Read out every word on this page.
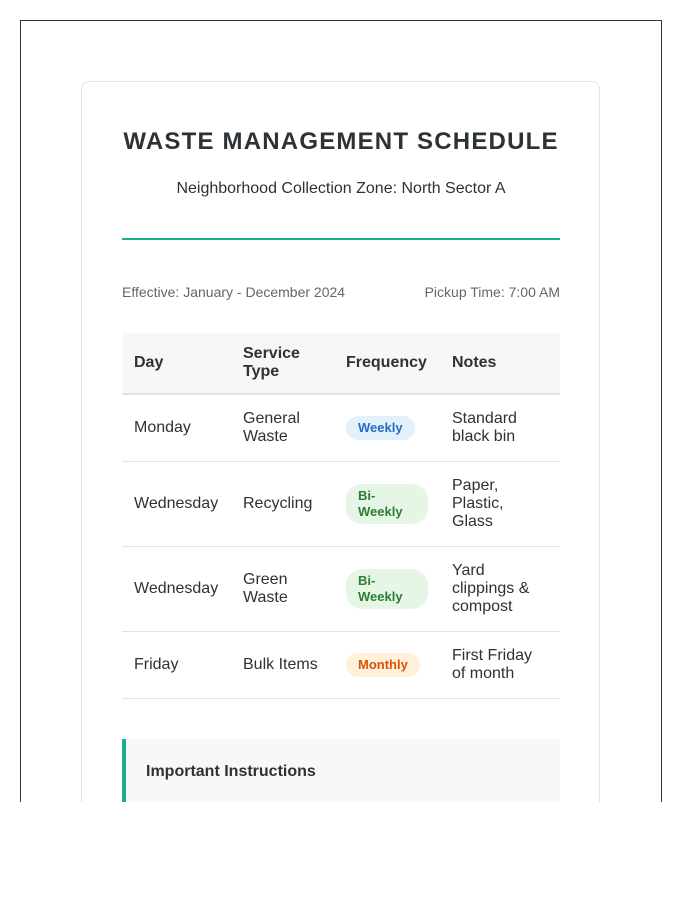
WASTE MANAGEMENT SCHEDULE
Neighborhood Collection Zone: North Sector A
Effective: January - December 2024	Pickup Time: 7:00 AM
Day	Service Type	Frequency	Notes
Monday	General Waste	Weekly	Standard black bin
Wednesday	Recycling	Bi-Weekly	Paper, Plastic, Glass
Wednesday	Green Waste	Bi-Weekly	Yard clippings & compost
Friday	Bulk Items	Monthly	First Friday of month
Important Instructions
